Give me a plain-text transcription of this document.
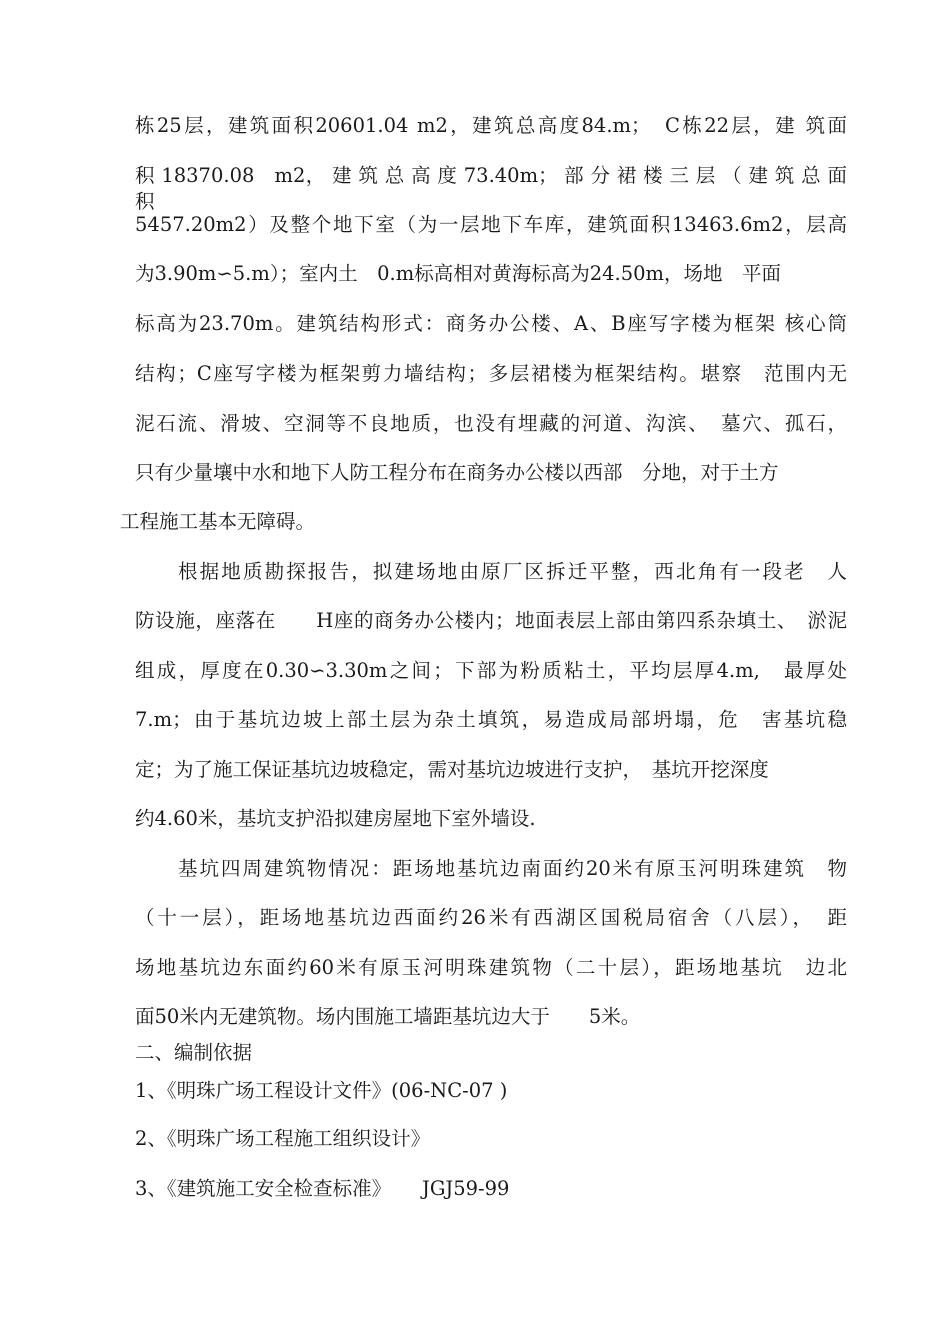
栋25层，建筑面积20601.04 m2，建筑总高度84.m；　C栋22层，建 筑面
积 18370.08　m2， 建 筑 总 高 度 73.40m； 部 分 裙 楼 三 层 （ 建 筑 总 面 积
5457.20m2）及整个地下室（为一层地下车库，建筑面积13463.6m2，层高
为3.90m∽5.m）；室内土　0.m标高相对黄海标高为24.50m，场地　平面
标高为23.70m。建筑结构形式：商务办公楼、A、B座写字楼为框架 核心筒
结构；C座写字楼为框架剪力墙结构；多层裙楼为框架结构。堪察　范围内无
泥石流、滑坡、空洞等不良地质，也没有埋藏的河道、沟滨、　墓穴、孤石，
只有少量壤中水和地下人防工程分布在商务办公楼以西部　分地，对于土方
工程施工基本无障碍。
根据地质勘探报告，拟建场地由原厂区拆迁平整，西北角有一段老　人
防设施，座落在　　H座的商务办公楼内；地面表层上部由第四系杂填土、　淤泥
组成，厚度在0.30∽3.30m之间；下部为粉质粘土，平均层厚4.m,　最厚处
7.m；由于基坑边坡上部土层为杂土填筑，易造成局部坍塌，危　害基坑稳
定；为了施工保证基坑边坡稳定，需对基坑边坡进行支护，　基坑开挖深度
约4.60米，基坑支护沿拟建房屋地下室外墙设.
基坑四周建筑物情况：距场地基坑边南面约20米有原玉河明珠建筑　物
（十一层），距场地基坑边西面约26米有西湖区国税局宿舍（八层），　距
场地基坑边东面约60米有原玉河明珠建筑物（二十层），距场地基坑　边北
面50米内无建筑物。场内围施工墙距基坑边大于　　5米。
二、编制依据
1、《明珠广场工程设计文件》(06-NC-07 )
2、《明珠广场工程施工组织设计》
3、《建筑施工安全检查标准》 JGJ59-99
